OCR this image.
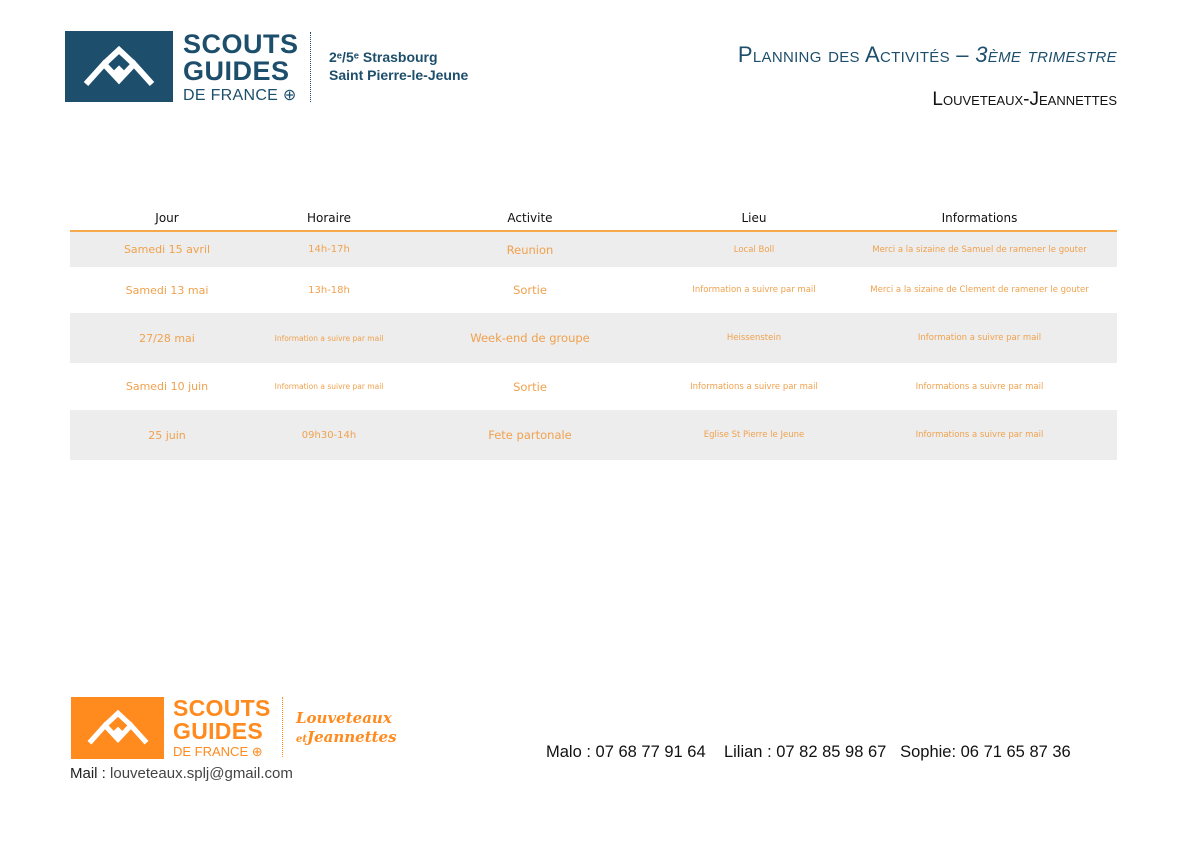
SCOUTS
GUIDES
DE FRANCE ⊕
2ᵉ/5ᵉ Strasbourg
Saint Pierre-le-Jeune
Planning des Activités – 3ème trimestre
Louveteaux-Jeannettes
Jour	Horaire	Activite	Lieu	Informations
Samedi 15 avril	14h-17h	Reunion	Local Boll	Merci a la sizaine de Samuel de ramener le gouter
Samedi 13 mai	13h-18h	Sortie	Information a suivre par mail	Merci a la sizaine de Clement de ramener le gouter
27/28 mai	Information a suivre par mail	Week-end de groupe	Heissenstein	Information a suivre par mail
Samedi 10 juin	Information a suivre par mail	Sortie	Informations a suivre par mail	Informations a suivre par mail
25 juin	09h30-14h	Fete partonale	Eglise St Pierre le Jeune	Informations a suivre par mail
SCOUTS
GUIDES
DE FRANCE ⊕
Louveteaux
etJeannettes
Mail : louveteaux.splj@gmail.com
Malo : 07 68 77 91 64    Lilian : 07 82 85 98 67   Sophie: 06 71 65 87 36
